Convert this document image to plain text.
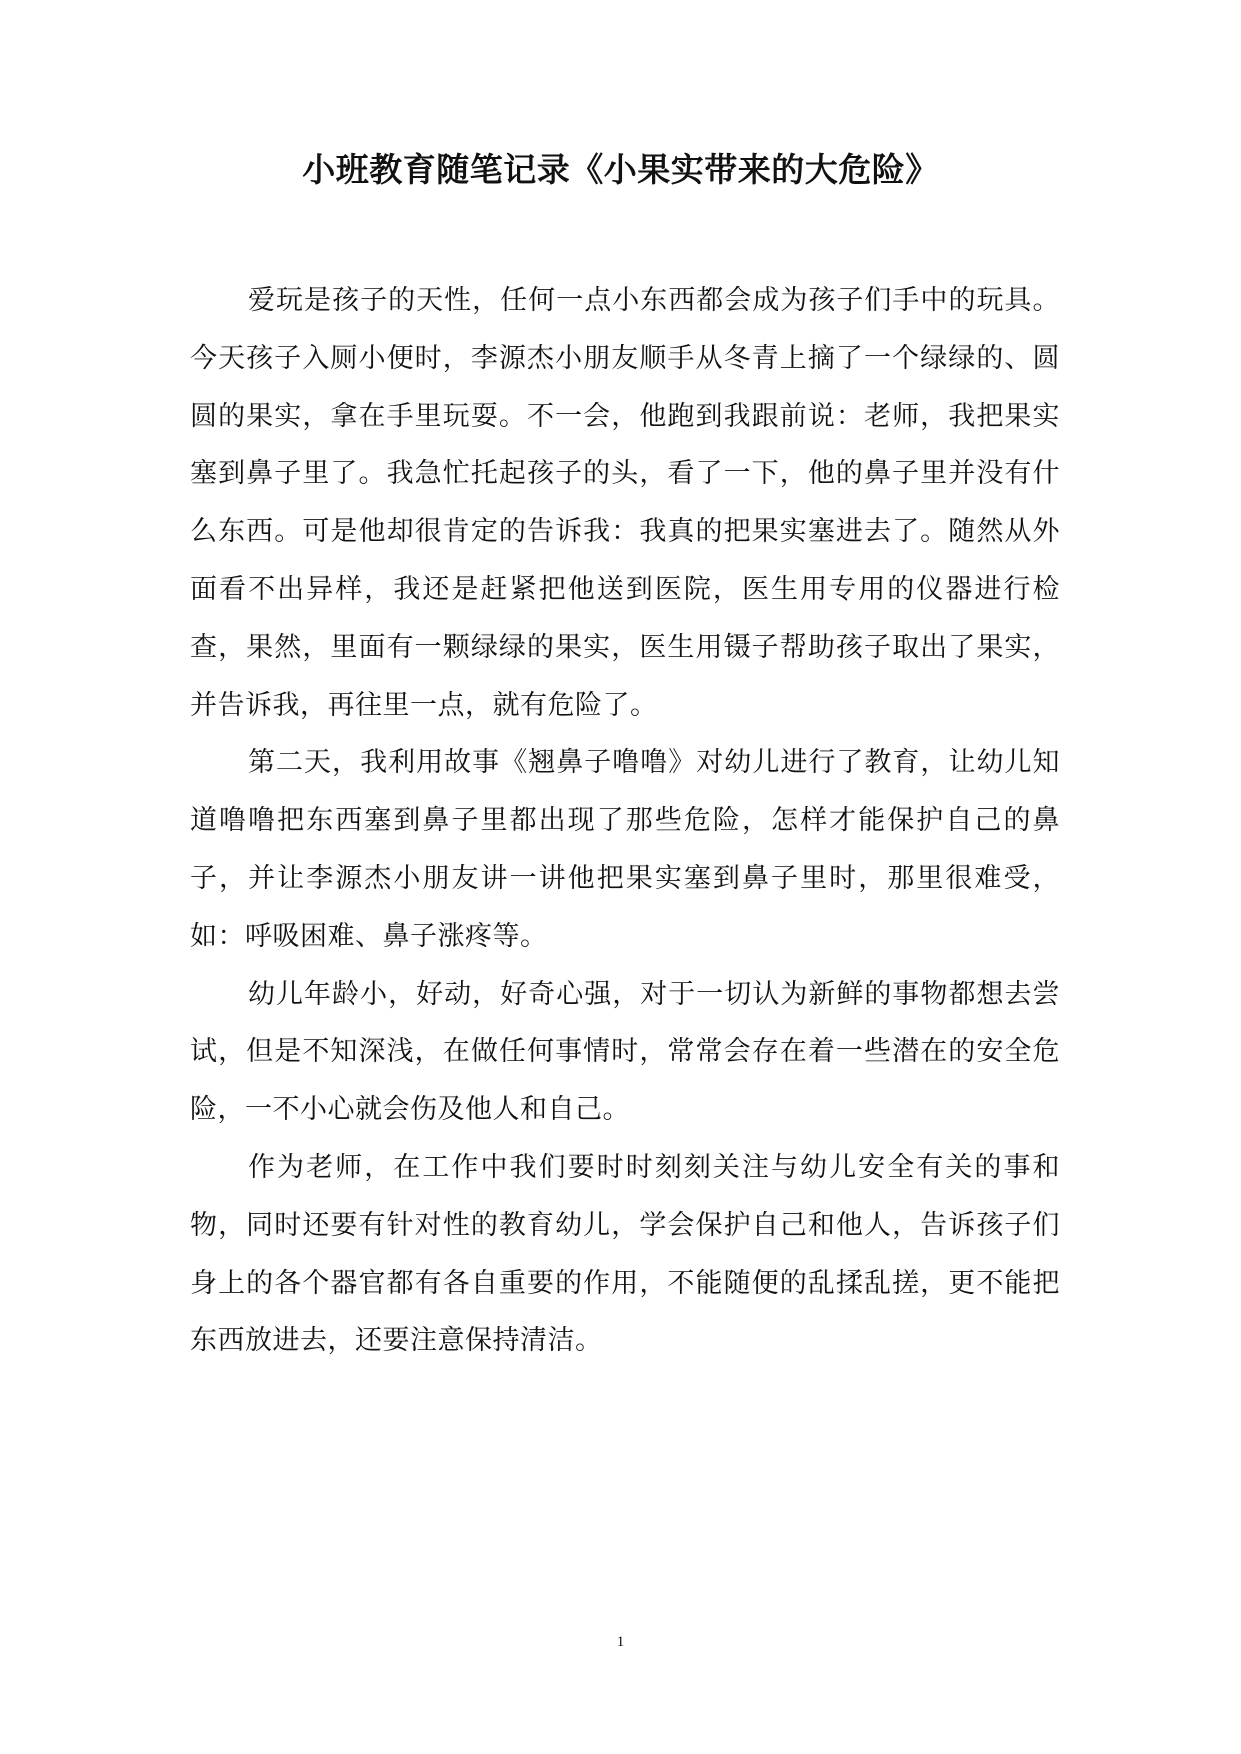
小班教育随笔记录《小果实带来的大危险》

爱玩是孩子的天性，任何一点小东西都会成为孩子们手中的玩具。今天孩子入厕小便时，李源杰小朋友顺手从冬青上摘了一个绿绿的、圆圆的果实，拿在手里玩耍。不一会，他跑到我跟前说：老师，我把果实塞到鼻子里了。我急忙托起孩子的头，看了一下，他的鼻子里并没有什么东西。可是他却很肯定的告诉我：我真的把果实塞进去了。随然从外面看不出异样，我还是赶紧把他送到医院，医生用专用的仪器进行检查，果然，里面有一颗绿绿的果实，医生用镊子帮助孩子取出了果实，并告诉我，再往里一点，就有危险了。

第二天，我利用故事《翘鼻子噜噜》对幼儿进行了教育，让幼儿知道噜噜把东西塞到鼻子里都出现了那些危险，怎样才能保护自己的鼻子，并让李源杰小朋友讲一讲他把果实塞到鼻子里时，那里很难受，如：呼吸困难、鼻子涨疼等。

幼儿年龄小，好动，好奇心强，对于一切认为新鲜的事物都想去尝试，但是不知深浅，在做任何事情时，常常会存在着一些潜在的安全危险，一不小心就会伤及他人和自己。

作为老师，在工作中我们要时时刻刻关注与幼儿安全有关的事和物，同时还要有针对性的教育幼儿，学会保护自己和他人，告诉孩子们身上的各个器官都有各自重要的作用，不能随便的乱揉乱搓，更不能把东西放进去，还要注意保持清洁。

1
